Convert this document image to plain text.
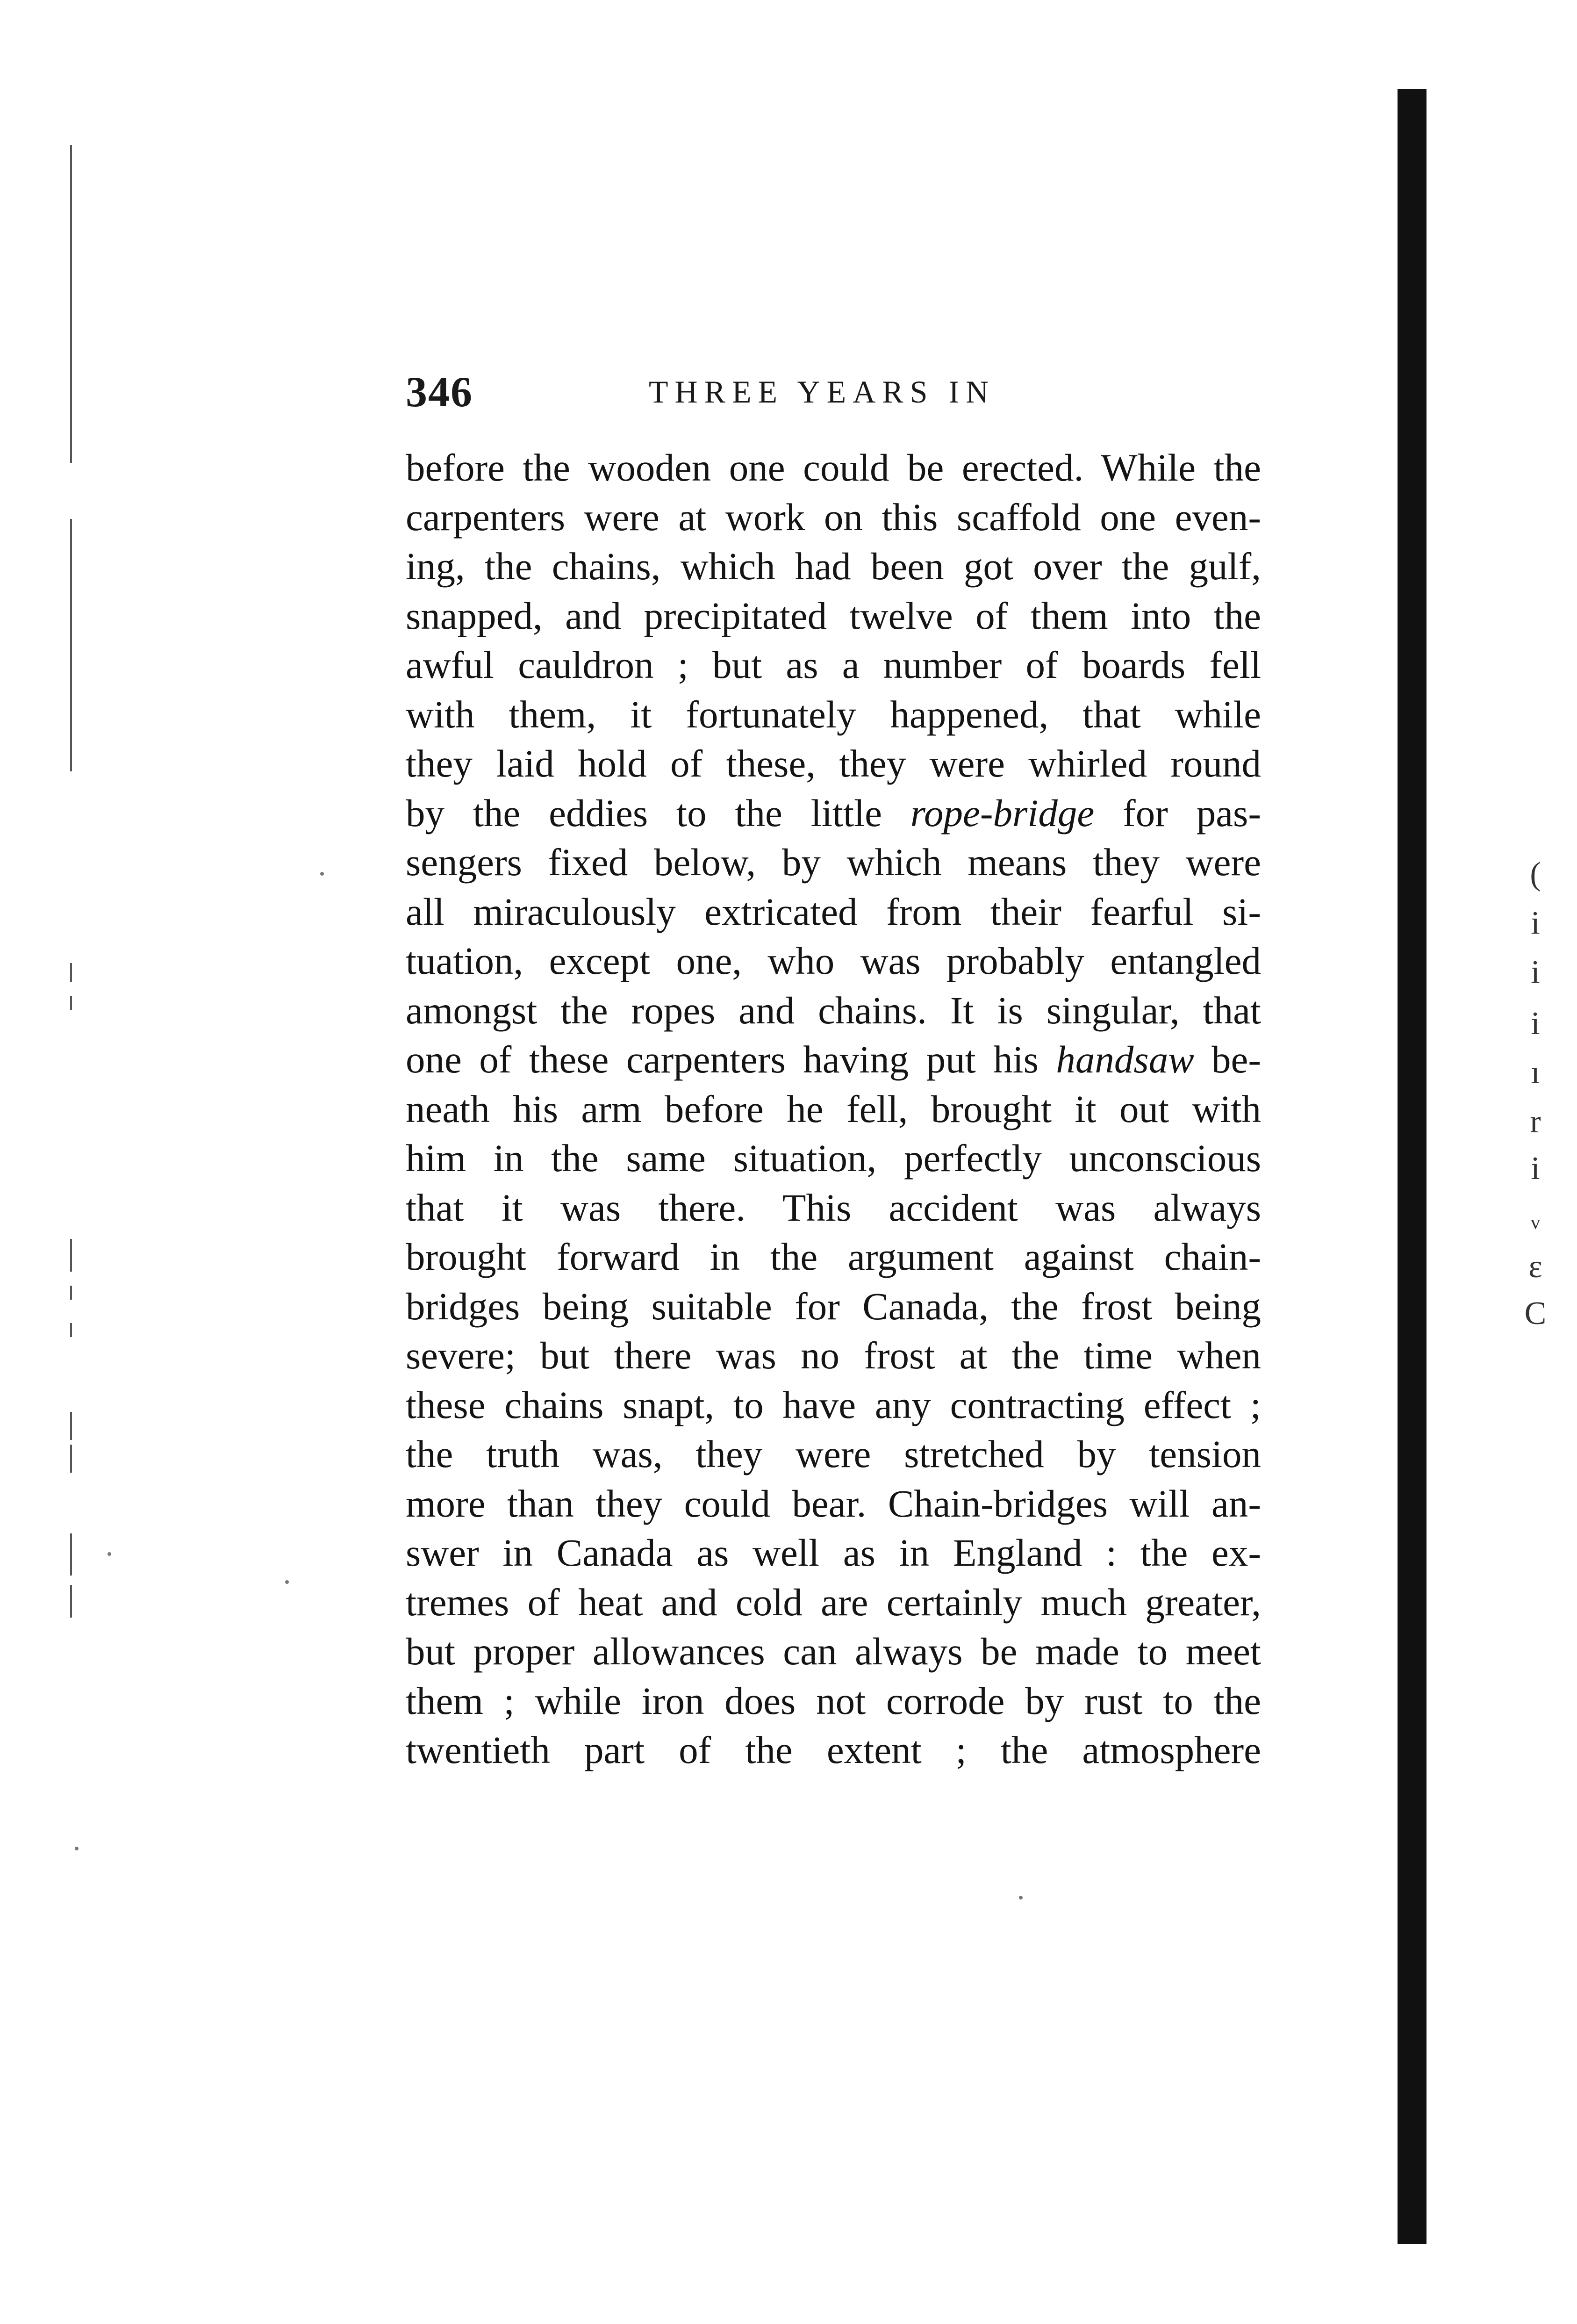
346	THREE YEARS IN
before the wooden one could be erected. While the
carpenters were at work on this scaffold one even-
ing, the chains, which had been got over the gulf,
snapped, and precipitated twelve of them into the
awful cauldron ; but as a number of boards fell
with them, it fortunately happened, that while
they laid hold of these, they were whirled round
by the eddies to the little rope-bridge for pas-
sengers fixed below, by which means they were
all miraculously extricated from their fearful si-
tuation, except one, who was probably entangled
amongst the ropes and chains. It is singular, that
one of these carpenters having put his handsaw be-
neath his arm before he fell, brought it out with
him in the same situation, perfectly unconscious
that it was there. This accident was always
brought forward in the argument against chain-
bridges being suitable for Canada, the frost being
severe; but there was no frost at the time when
these chains snapt, to have any contracting effect ;
the truth was, they were stretched by tension
more than they could bear. Chain-bridges will an-
swer in Canada as well as in England : the ex-
tremes of heat and cold are certainly much greater,
but proper allowances can always be made to meet
them ; while iron does not corrode by rust to the
twentieth part of the extent ; the atmosphere
(
i
i
i
ı
r
i
ᵥ
ε
C
